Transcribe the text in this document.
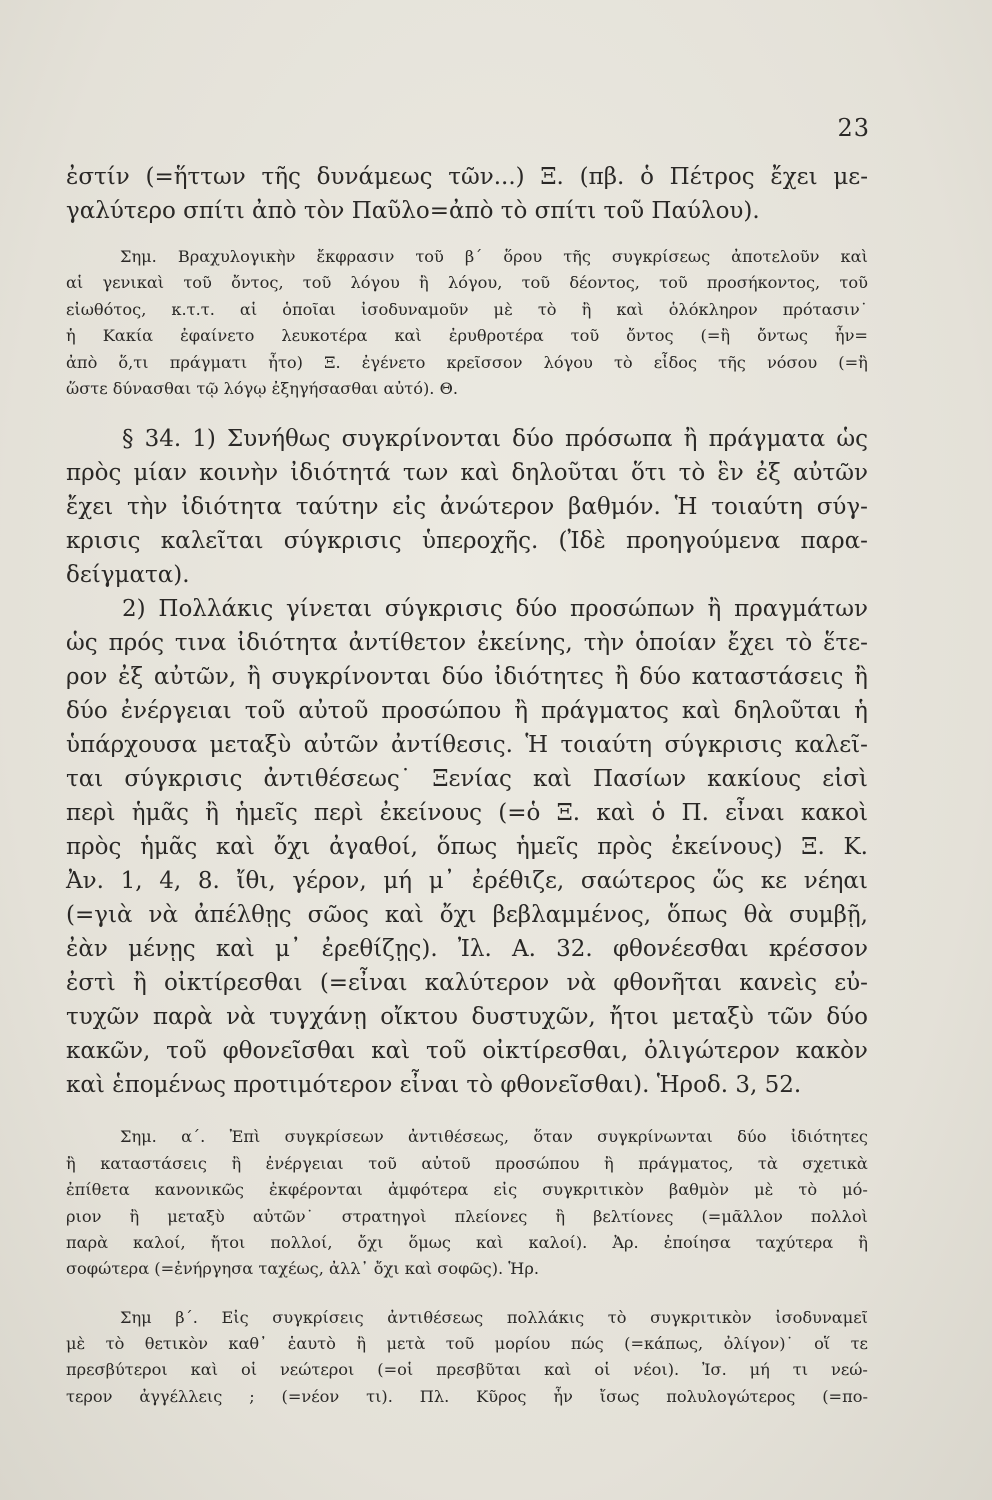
23
ἐστίν (=ἥττων τῆς δυνάμεως τῶν...) Ξ. (πβ. ὁ Πέτρος ἔχει με-
γαλύτερο σπίτι ἀπὸ τὸν Παῦλο=ἀπὸ τὸ σπίτι τοῦ Παύλου).
Σημ. Βραχυλογικὴν ἔκφρασιν τοῦ β΄ ὅρου τῆς συγκρίσεως ἀποτελοῦν καὶ
αἱ γενικαὶ τοῦ ὄντος, τοῦ λόγου ἢ λόγου, τοῦ δέοντος, τοῦ προσήκοντος, τοῦ
εἰωθότος, κ.τ.τ. αἱ ὁποῖαι ἰσοδυναμοῦν μὲ τὸ ἢ καὶ ὁλόκληρον πρότασιν˙
ἡ Κακία ἐφαίνετο λευκοτέρα καὶ ἐρυθροτέρα τοῦ ὄντος (=ἢ ὄντως ἦν=
ἀπὸ ὅ,τι πράγματι ἦτο) Ξ. ἐγένετο κρεῖσσον λόγου τὸ εἶδος τῆς νόσου (=ἢ
ὥστε δύνασθαι τῷ λόγῳ ἐξηγήσασθαι αὐτό). Θ.
§ 34. 1) Συνήθως συγκρίνονται δύο πρόσωπα ἢ πράγματα ὡς
πρὸς μίαν κοινὴν ἰδιότητά των καὶ δηλοῦται ὅτι τὸ ἓν ἐξ αὐτῶν
ἔχει τὴν ἰδιότητα ταύτην εἰς ἀνώτερον βαθμόν. Ἡ τοιαύτη σύγ-
κρισις καλεῖται σύγκρισις ὑπεροχῆς. (Ἰδὲ προηγούμενα παρα-
δείγματα).
2) Πολλάκις γίνεται σύγκρισις δύο προσώπων ἢ πραγμάτων
ὡς πρός τινα ἰδιότητα ἀντίθετον ἐκείνης, τὴν ὁποίαν ἔχει τὸ ἕτε-
ρον ἐξ αὐτῶν, ἢ συγκρίνονται δύο ἰδιότητες ἢ δύο καταστάσεις ἢ
δύο ἐνέργειαι τοῦ αὐτοῦ προσώπου ἢ πράγματος καὶ δηλοῦται ἡ
ὑπάρχουσα μεταξὺ αὐτῶν ἀντίθεσις. Ἡ τοιαύτη σύγκρισις καλεῖ-
ται σύγκρισις ἀντιθέσεως˙ Ξενίας καὶ Πασίων κακίους εἰσὶ
περὶ ἡμᾶς ἢ ἡμεῖς περὶ ἐκείνους (=ὁ Ξ. καὶ ὁ Π. εἶναι κακοὶ
πρὸς ἡμᾶς καὶ ὄχι ἀγαθοί, ὅπως ἡμεῖς πρὸς ἐκείνους) Ξ. Κ.
Ἀν. 1, 4, 8. ἴθι, γέρον, μή μ᾽ ἐρέθιζε, σαώτερος ὥς κε νέηαι
(=γιὰ νὰ ἀπέλθῃς σῶος καὶ ὄχι βεβλαμμένος, ὅπως θὰ συμβῇ,
ἐὰν μένῃς καὶ μ᾽ ἐρεθίζῃς). Ἰλ. Α. 32. φθονέεσθαι κρέσσον
ἐστὶ ἢ οἰκτίρεσθαι (=εἶναι καλύτερον νὰ φθονῆται κανεὶς εὐ-
τυχῶν παρὰ νὰ τυγχάνῃ οἴκτου δυστυχῶν, ἤτοι μεταξὺ τῶν δύο
κακῶν, τοῦ φθονεῖσθαι καὶ τοῦ οἰκτίρεσθαι, ὀλιγώτερον κακὸν
καὶ ἑπομένως προτιμότερον εἶναι τὸ φθονεῖσθαι). Ἡροδ. 3, 52.
Σημ. α΄. Ἐπὶ συγκρίσεων ἀντιθέσεως, ὅταν συγκρίνωνται δύο ἰδιότητες
ἢ καταστάσεις ἢ ἐνέργειαι τοῦ αὐτοῦ προσώπου ἢ πράγματος, τὰ σχετικὰ
ἐπίθετα κανονικῶς ἐκφέρονται ἀμφότερα εἰς συγκριτικὸν βαθμὸν μὲ τὸ μό-
ριον ἢ μεταξὺ αὐτῶν˙ στρατηγοὶ πλείονες ἢ βελτίονες (=μᾶλλον πολλοὶ
παρὰ καλοί, ἤτοι πολλοί, ὄχι ὅμως καὶ καλοί). Ἀρ. ἐποίησα ταχύτερα ἢ
σοφώτερα (=ἐνήργησα ταχέως, ἀλλ᾽ ὄχι καὶ σοφῶς). Ἡρ.
Σημ β΄. Εἰς συγκρίσεις ἀντιθέσεως πολλάκις τὸ συγκριτικὸν ἰσοδυναμεῖ
μὲ τὸ θετικὸν καθ᾽ ἑαυτὸ ἢ μετὰ τοῦ μορίου πώς (=κάπως, ὀλίγον)˙ οἵ τε
πρεσβύτεροι καὶ οἱ νεώτεροι (=οἱ πρεσβῦται καὶ οἱ νέοι). Ἰσ. μή τι νεώ-
τερον ἀγγέλλεις ; (=νέον τι). Πλ. Κῦρος ἦν ἴσως πολυλογώτερος (=πο-
